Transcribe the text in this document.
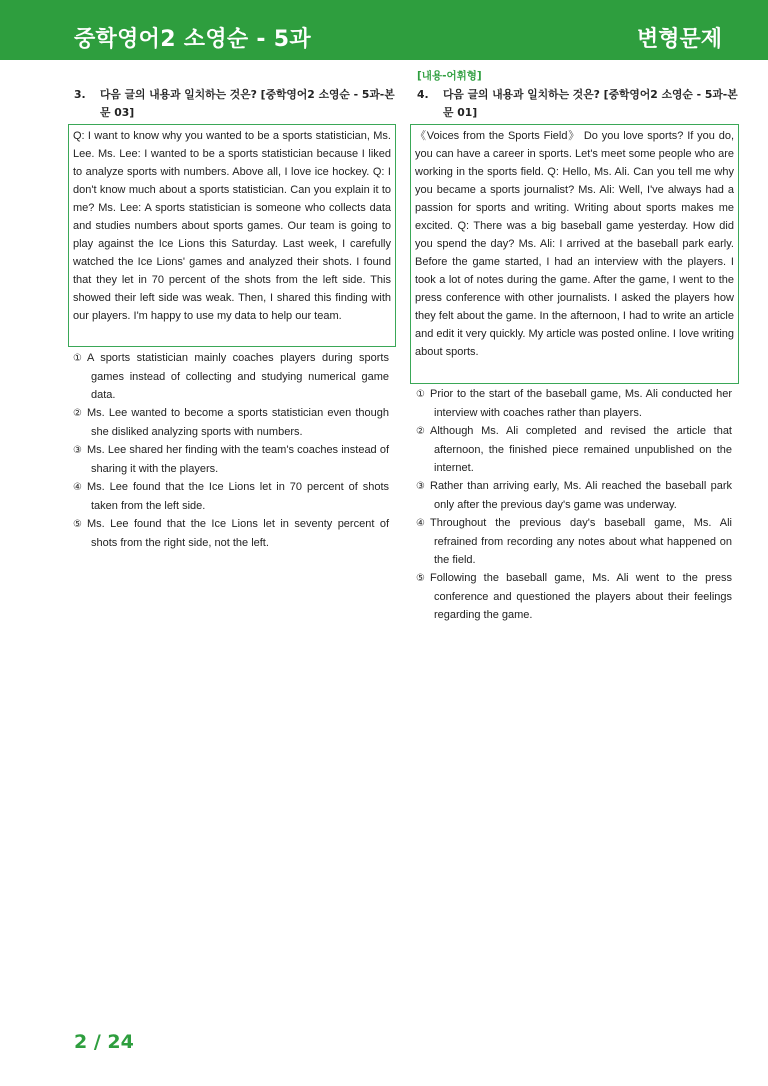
중학영어2 소영순 - 5과	변형문제
[내용-어휘형]
3. 다음 글의 내용과 일치하는 것은? [중학영어2 소영순 - 5과-본문 03]
Q: I want to know why you wanted to be a sports statistician, Ms. Lee. Ms. Lee: I wanted to be a sports statistician because I liked to analyze sports with numbers. Above all, I love ice hockey. Q: I don't know much about a sports statistician. Can you explain it to me? Ms. Lee: A sports statistician is someone who collects data and studies numbers about sports games. Our team is going to play against the Ice Lions this Saturday. Last week, I carefully watched the Ice Lions' games and analyzed their shots. I found that they let in 70 percent of the shots from the left side. This showed their left side was weak. Then, I shared this finding with our players. I'm happy to use my data to help our team.

① A sports statistician mainly coaches players during sports games instead of collecting and studying numerical game data.

② Ms. Lee wanted to become a sports statistician even though she disliked analyzing sports with numbers.

③ Ms. Lee shared her finding with the team's coaches instead of sharing it with the players.

④ Ms. Lee found that the Ice Lions let in 70 percent of shots taken from the left side.

⑤ Ms. Lee found that the Ice Lions let in seventy percent of shots from the right side, not the left.

4. 다음 글의 내용과 일치하는 것은? [중학영어2 소영순 - 5과-본문 01]
《Voices from the Sports Field》 Do you love sports? If you do, you can have a career in sports. Let's meet some people who are working in the sports field. Q: Hello, Ms. Ali. Can you tell me why you became a sports journalist? Ms. Ali: Well, I've always had a passion for sports and writing. Writing about sports makes me excited. Q: There was a big baseball game yesterday. How did you spend the day? Ms. Ali: I arrived at the baseball park early. Before the game started, I had an interview with the players. I took a lot of notes during the game. After the game, I went to the press conference with other journalists. I asked the players how they felt about the game. In the afternoon, I had to write an article and edit it very quickly. My article was posted online. I love writing about sports.

① Prior to the start of the baseball game, Ms. Ali conducted her interview with coaches rather than players.

② Although Ms. Ali completed and revised the article that afternoon, the finished piece remained unpublished on the internet.

③ Rather than arriving early, Ms. Ali reached the baseball park only after the previous day's game was underway.

④ Throughout the previous day's baseball game, Ms. Ali refrained from recording any notes about what happened on the field.

⑤ Following the baseball game, Ms. Ali went to the press conference and questioned the players about their feelings regarding the game.

2 / 24
